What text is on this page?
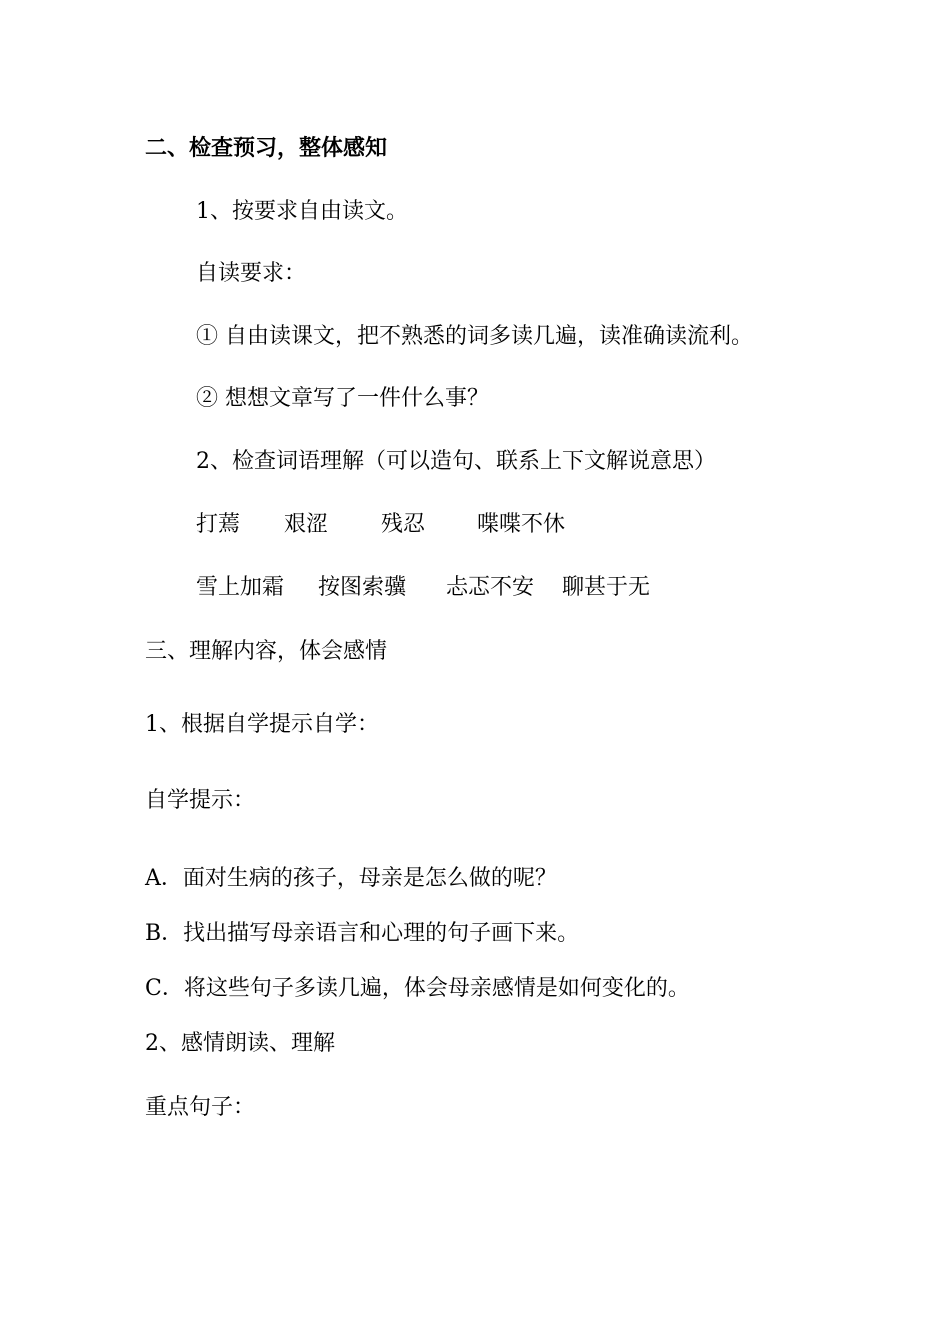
二、检查预习，整体感知
1、按要求自由读文。
自读要求：
① 自由读课文，把不熟悉的词多读几遍，读准确读流利。
② 想想文章写了一件什么事？
2、检查词语理解（可以造句、联系上下文解说意思）
打蔫 艰涩 残忍 喋喋不休
雪上加霜 按图索骥 忐忑不安 聊甚于无
三、理解内容，体会感情
1、根据自学提示自学：
自学提示：
A．面对生病的孩子，母亲是怎么做的呢？
B．找出描写母亲语言和心理的句子画下来。
C．将这些句子多读几遍，体会母亲感情是如何变化的。
2、感情朗读、理解
重点句子：
